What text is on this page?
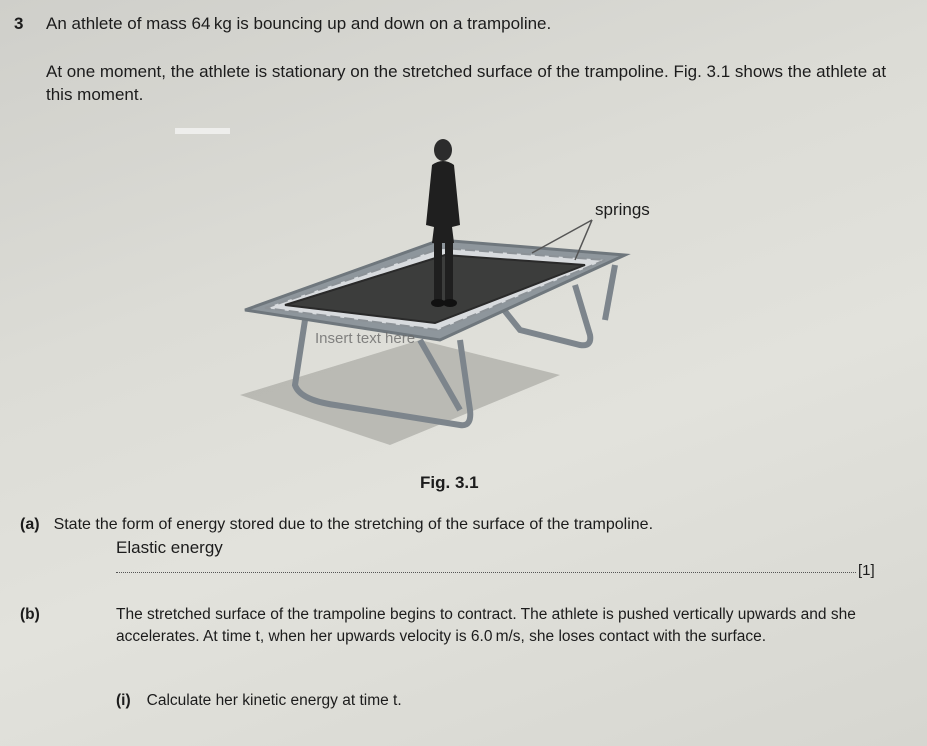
3 An athlete of mass 64 kg is bouncing up and down on a trampoline.
At one moment, the athlete is stationary on the stretched surface of the trampoline. Fig. 3.1 shows the athlete at this moment.
springs
Insert text here
Fig. 3.1
(a) State the form of energy stored due to the stretching of the surface of the trampoline.
Elastic energy
[1]
(b)	The stretched surface of the trampoline begins to contract. The athlete is pushed vertically upwards and she accelerates. At time t, when her upwards velocity is 6.0 m/s, she loses contact with the surface.
(i) Calculate her kinetic energy at time t.
